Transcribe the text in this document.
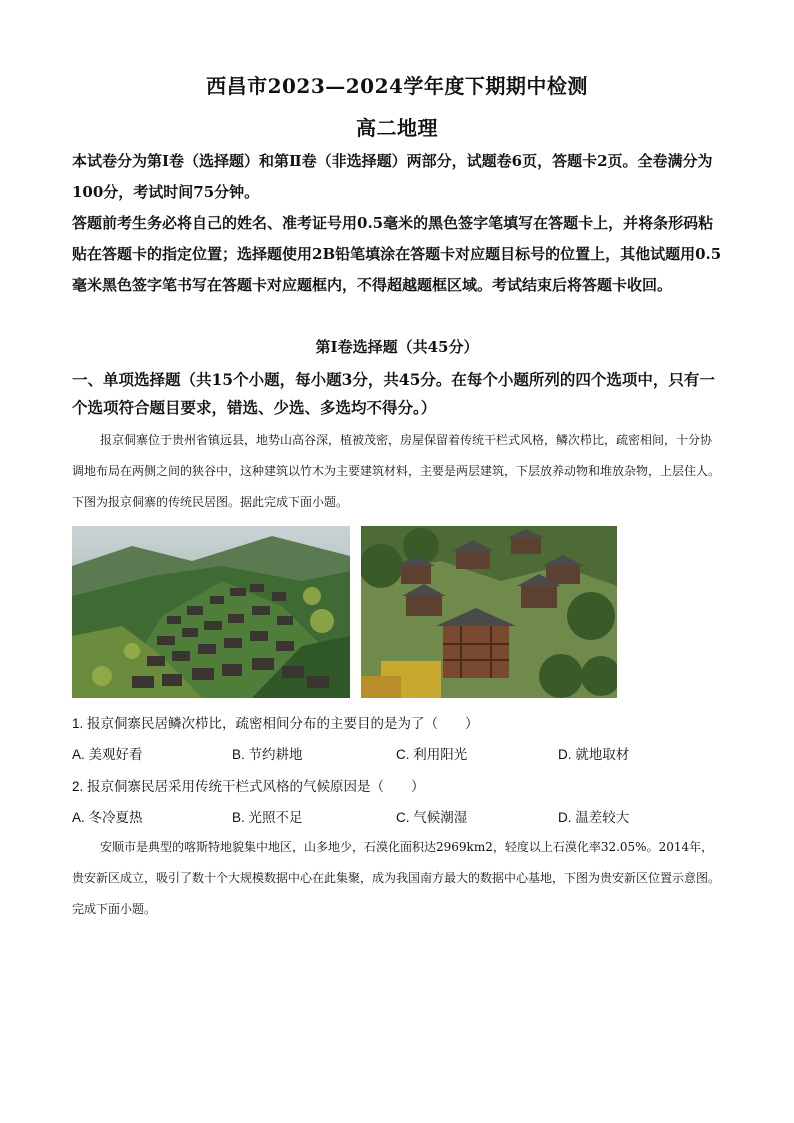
西昌市2023—2024学年度下期期中检测
高二地理

本试卷分为第Ⅰ卷（选择题）和第Ⅱ卷（非选择题）两部分，试题卷6页，答题卡2页。全卷满分为100分，考试时间75分钟。

答题前考生务必将自己的姓名、准考证号用0.5毫米的黑色签字笔填写在答题卡上，并将条形码粘贴在答题卡的指定位置；选择题使用2B铅笔填涂在答题卡对应题目标号的位置上，其他试题用0.5毫米黑色签字笔书写在答题卡对应题框内，不得超越题框区域。考试结束后将答题卡收回。

第Ⅰ卷选择题（共45分）

一、单项选择题（共15个小题，每小题3分，共45分。在每个小题所列的四个选项中，只有一个选项符合题目要求，错选、少选、多选均不得分。）

报京侗寨位于贵州省镇远县，地势山高谷深，植被茂密，房屋保留着传统干栏式风格，鳞次栉比，疏密相间，十分协调地布局在两侧之间的狭谷中，这种建筑以竹木为主要建筑材料，主要是两层建筑，下层放养动物和堆放杂物，上层住人。下图为报京侗寨的传统民居图。据此完成下面小题。

1. 报京侗寨民居鳞次栉比，疏密相间分布的主要目的是为了（　　）
A. 美观好看	B. 节约耕地	C. 利用阳光	D. 就地取材
2. 报京侗寨民居采用传统干栏式风格的气候原因是（　　）
A. 冬冷夏热	B. 光照不足	C. 气候潮湿	D. 温差较大

安顺市是典型的喀斯特地貌集中地区，山多地少，石漠化面积达2969km2，轻度以上石漠化率32.05%。2014年，贵安新区成立，吸引了数十个大规模数据中心在此集聚，成为我国南方最大的数据中心基地，下图为贵安新区位置示意图。完成下面小题。
